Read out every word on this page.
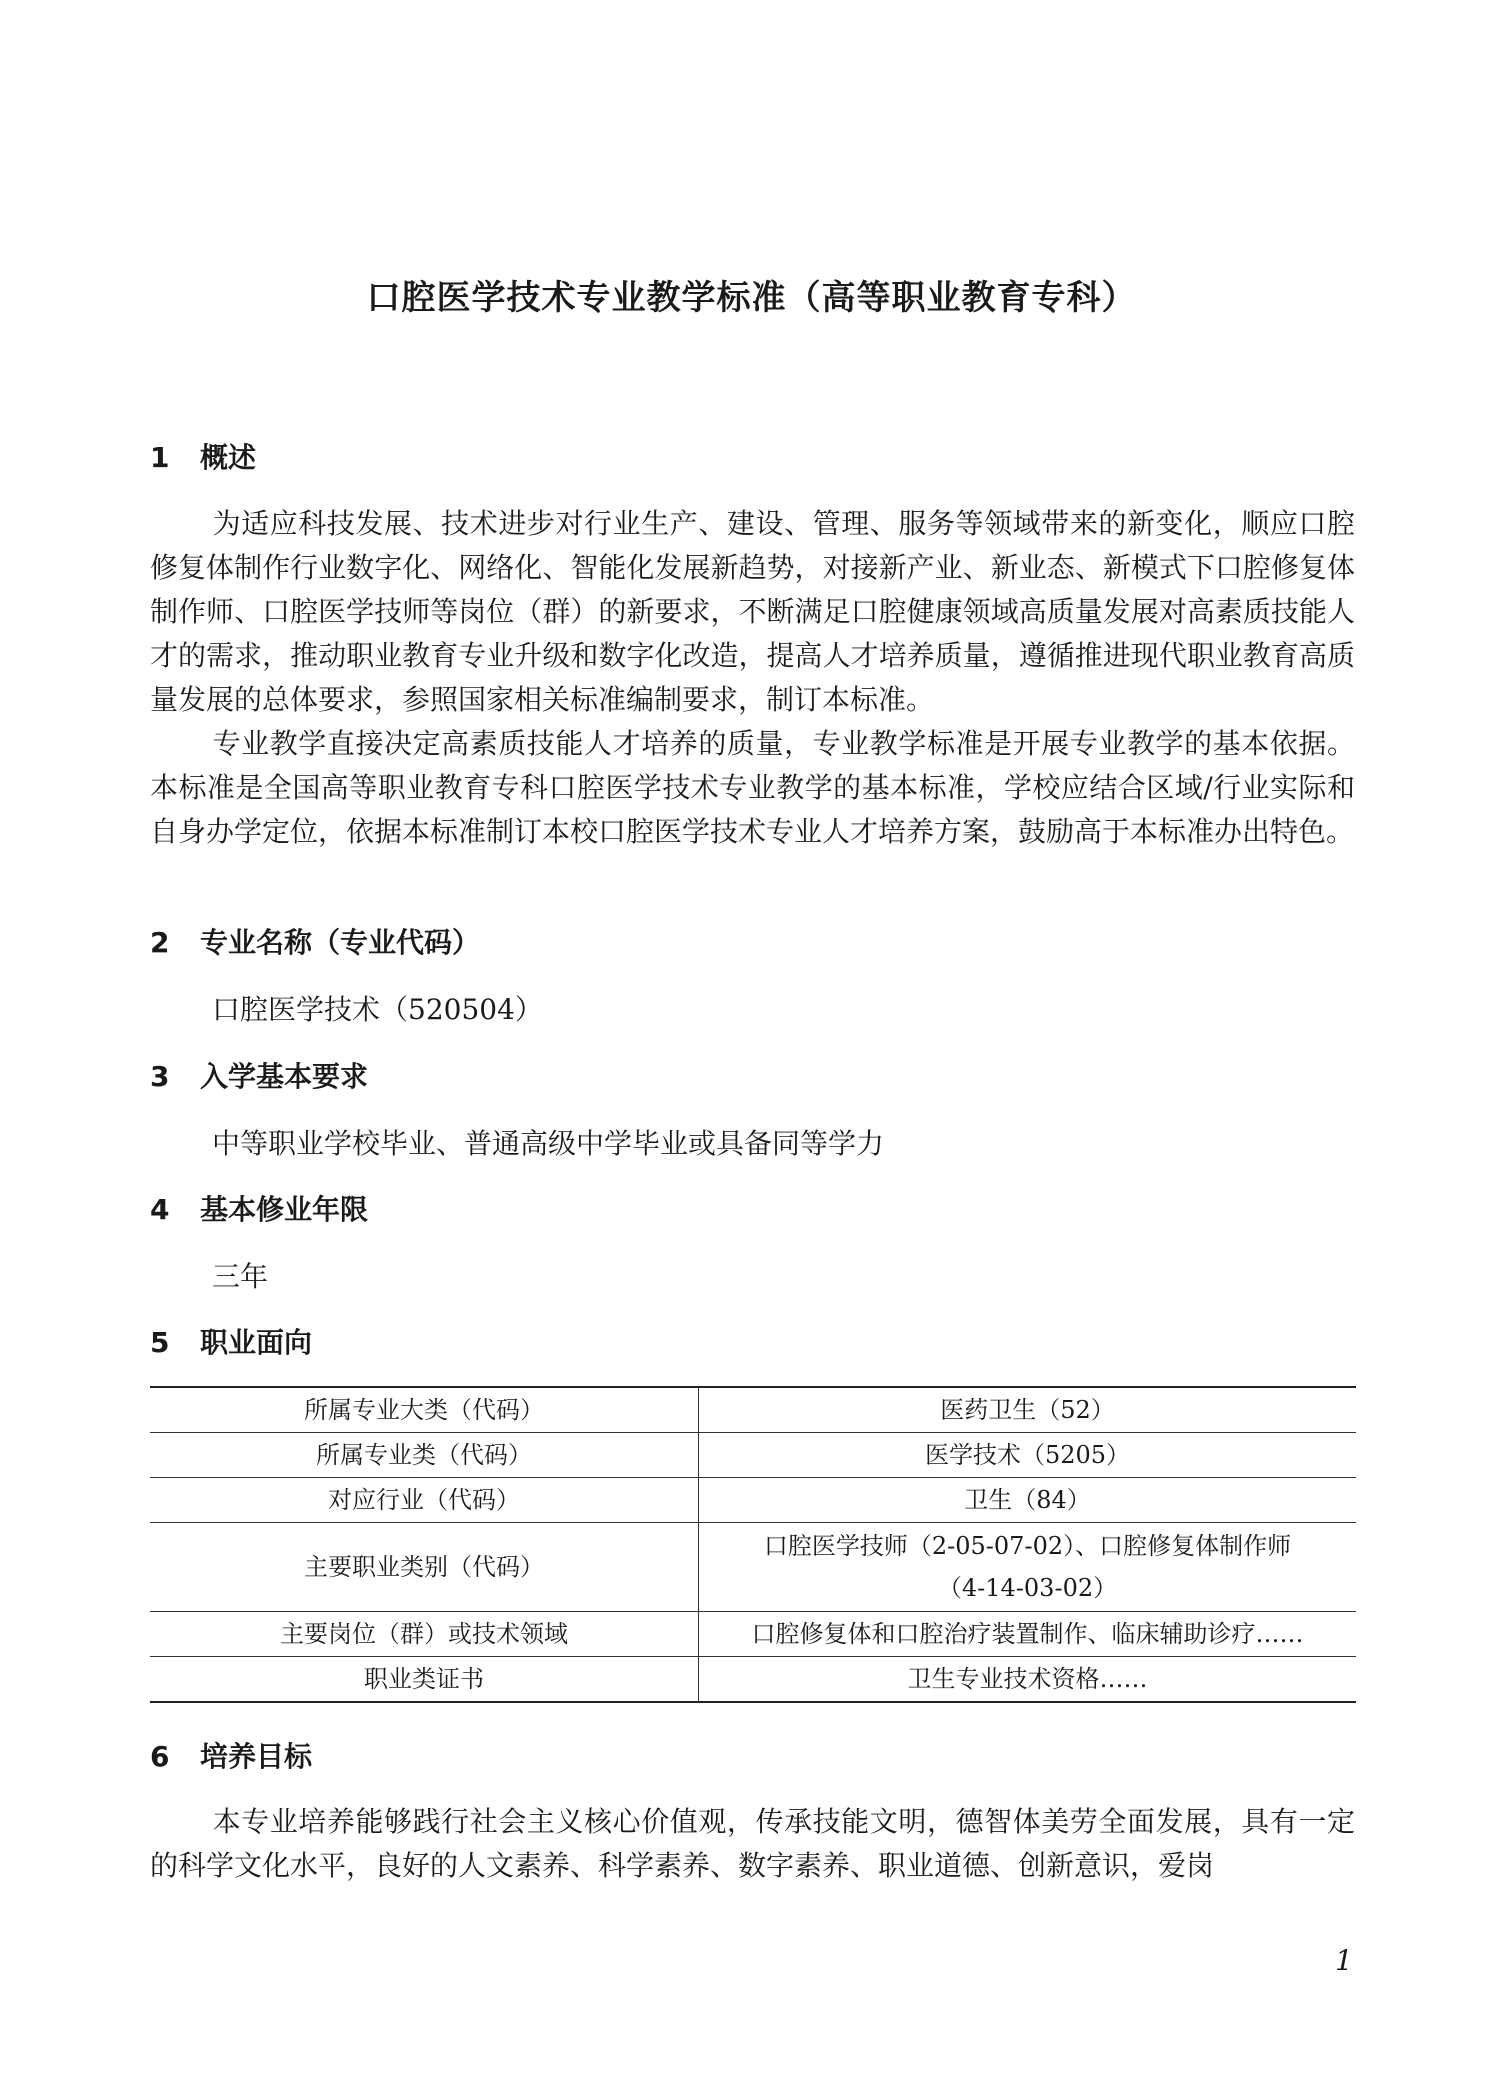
口腔医学技术专业教学标准（高等职业教育专科）
1 概述

为适应科技发展、技术进步对行业生产、建设、管理、服务等领域带来的新变化，顺应口腔修复体制作行业数字化、网络化、智能化发展新趋势，对接新产业、新业态、新模式下口腔修复体制作师、口腔医学技师等岗位（群）的新要求，不断满足口腔健康领域高质量发展对高素质技能人才的需求，推动职业教育专业升级和数字化改造，提高人才培养质量，遵循推进现代职业教育高质量发展的总体要求，参照国家相关标准编制要求，制订本标准。

专业教学直接决定高素质技能人才培养的质量，专业教学标准是开展专业教学的基本依据。本标准是全国高等职业教育专科口腔医学技术专业教学的基本标准，学校应结合区域/行业实际和自身办学定位，依据本标准制订本校口腔医学技术专业人才培养方案，鼓励高于本标准办出特色。

2 专业名称（专业代码）
口腔医学技术（520504）
3 入学基本要求
中等职业学校毕业、普通高级中学毕业或具备同等学力
4 基本修业年限
三年
5 职业面向
所属专业大类（代码）	医药卫生（52）
所属专业类（代码）	医学技术（5205）
对应行业（代码）	卫生（84）
主要职业类别（代码）	口腔医学技师（2-05-07-02）、口腔修复体制作师
（4-14-03-02）
主要岗位（群）或技术领域	口腔修复体和口腔治疗装置制作、临床辅助诊疗……
职业类证书	卫生专业技术资格……
6 培养目标

本专业培养能够践行社会主义核心价值观，传承技能文明，德智体美劳全面发展，具有一定的科学文化水平，良好的人文素养、科学素养、数字素养、职业道德、创新意识，爱岗

1
